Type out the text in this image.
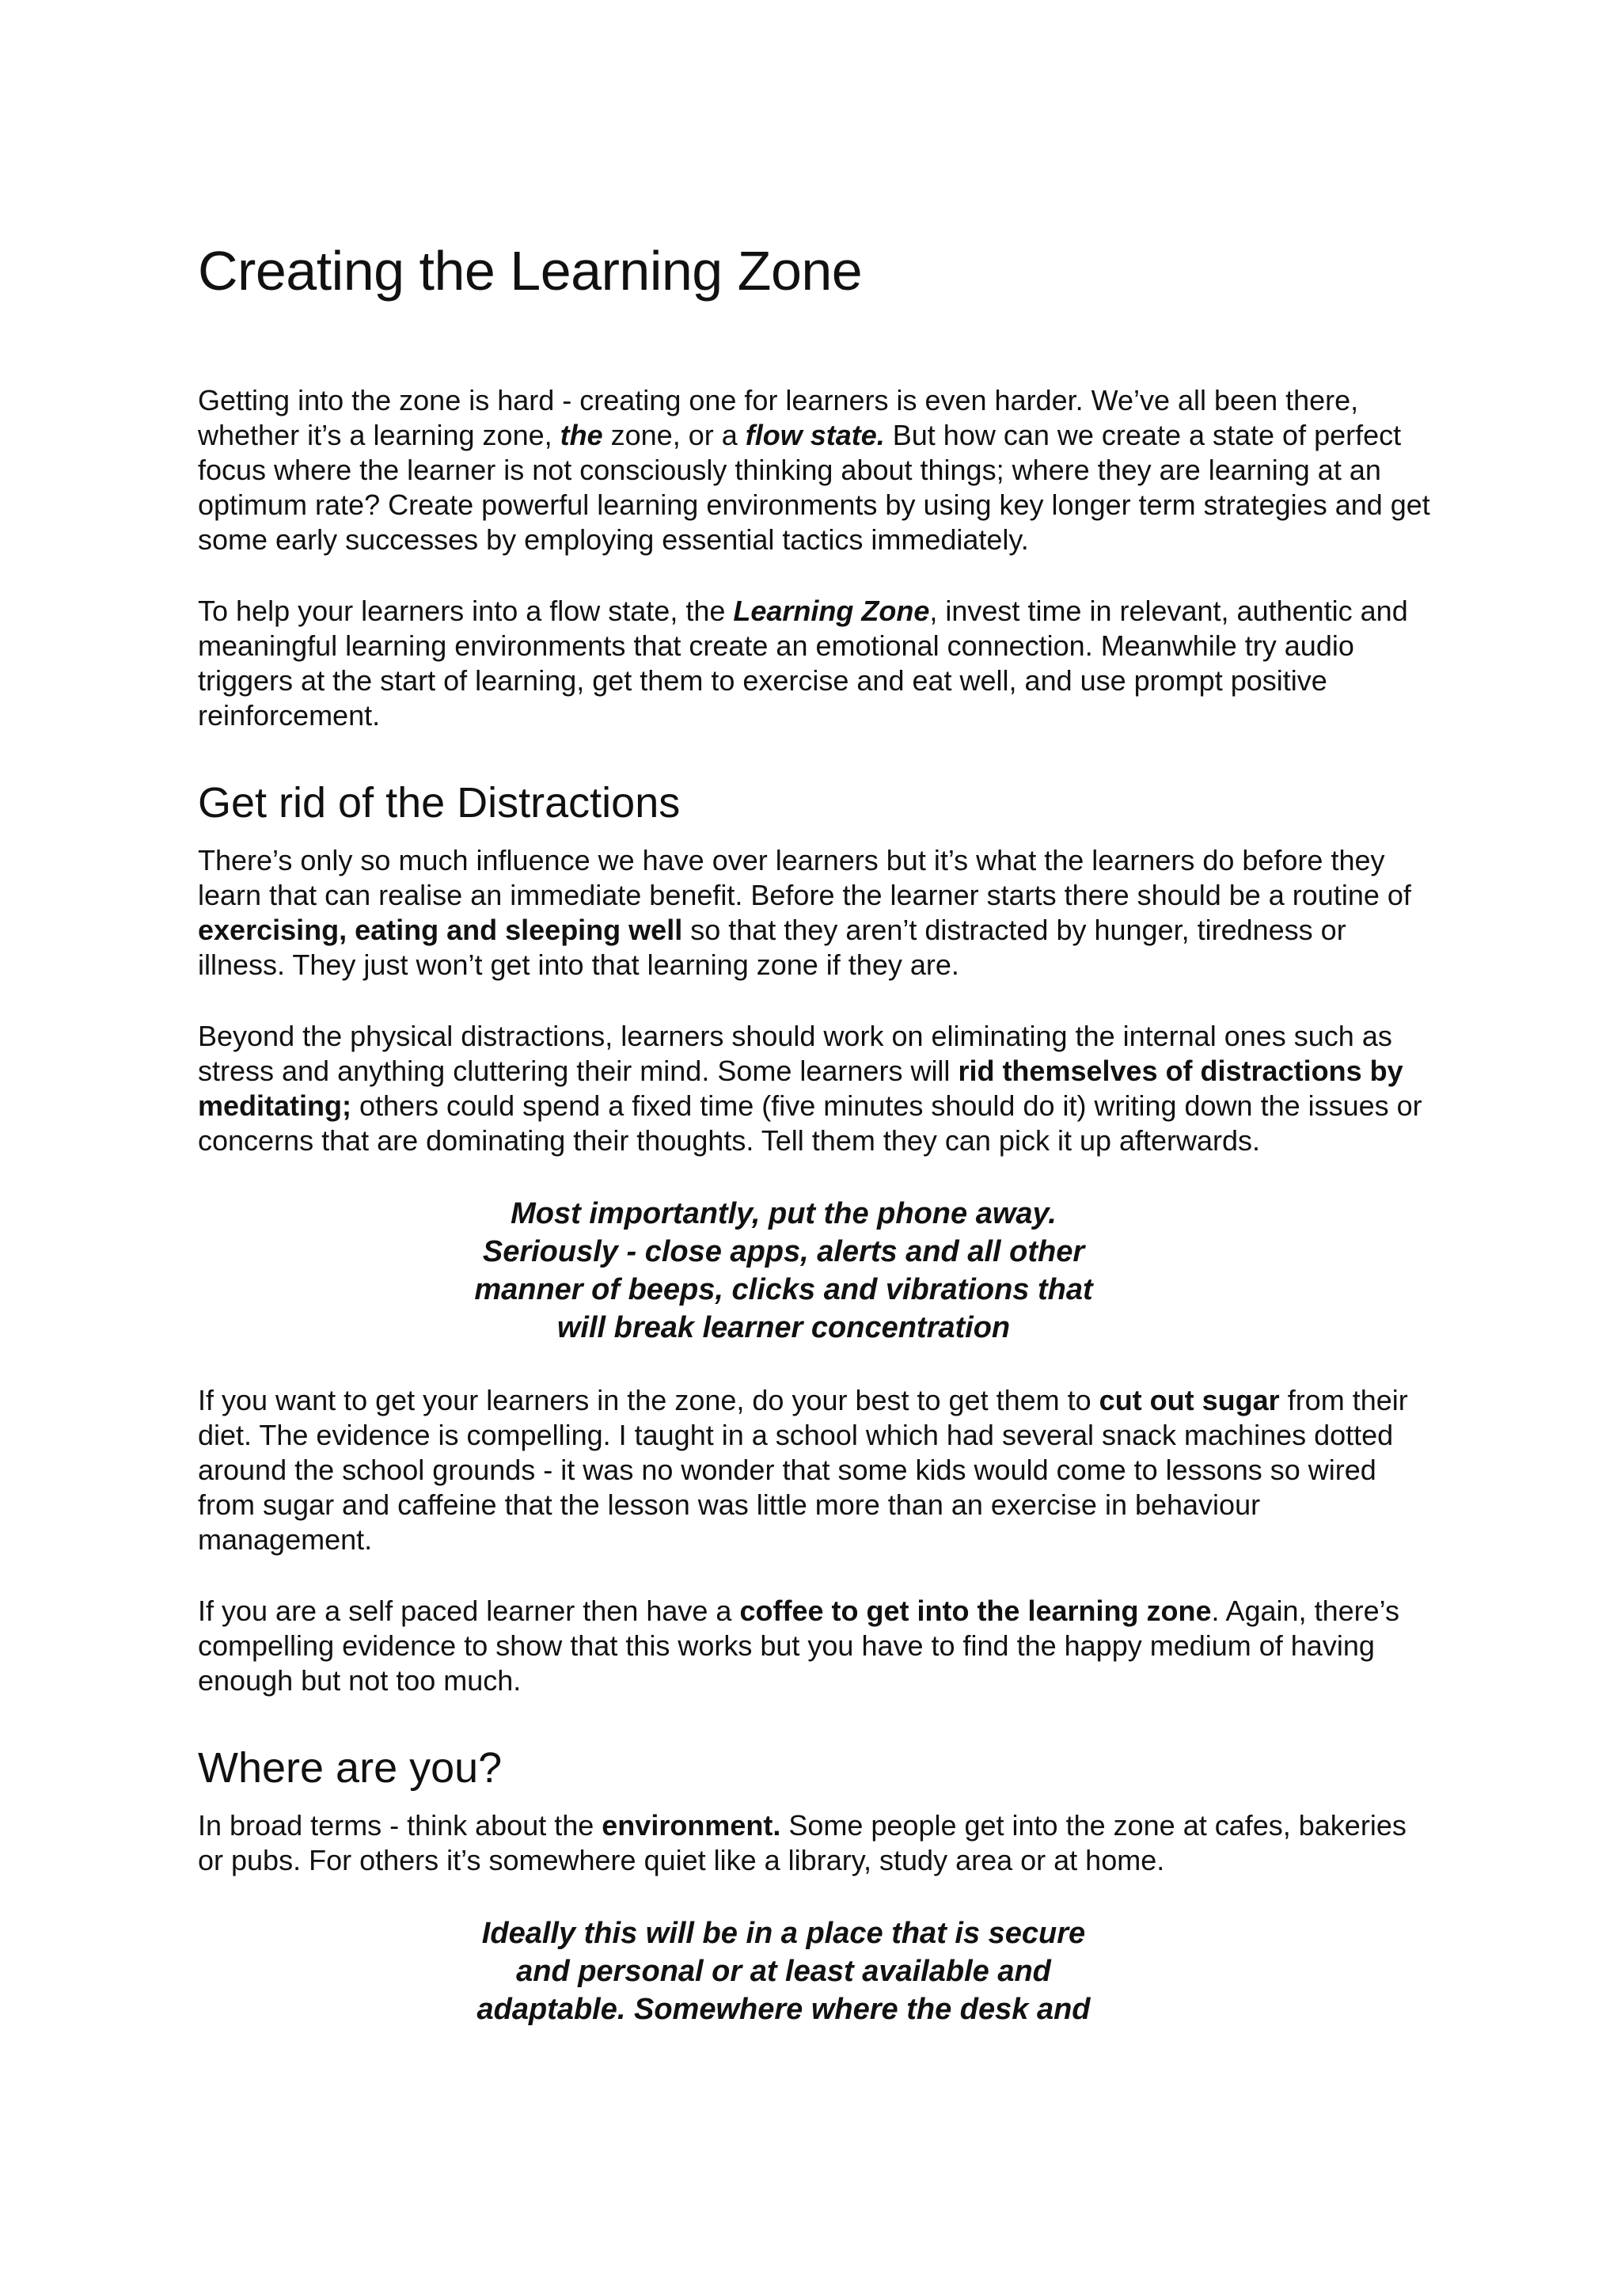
Creating the Learning Zone

Getting into the zone is hard - creating one for learners is even harder. We’ve all been there, whether it’s a learning zone, the zone, or a flow state. But how can we create a state of perfect focus where the learner is not consciously thinking about things; where they are learning at an optimum rate? Create powerful learning environments by using key longer term strategies and get some early successes by employing essential tactics immediately.

To help your learners into a flow state, the Learning Zone, invest time in relevant, authentic and meaningful learning environments that create an emotional connection. Meanwhile try audio triggers at the start of learning, get them to exercise and eat well, and use prompt positive reinforcement.

Get rid of the Distractions

There’s only so much influence we have over learners but it’s what the learners do before they learn that can realise an immediate benefit. Before the learner starts there should be a routine of exercising, eating and sleeping well so that they aren’t distracted by hunger, tiredness or illness. They just won’t get into that learning zone if they are.

Beyond the physical distractions, learners should work on eliminating the internal ones such as stress and anything cluttering their mind. Some learners will rid themselves of distractions by meditating; others could spend a fixed time (five minutes should do it) writing down the issues or concerns that are dominating their thoughts. Tell them they can pick it up afterwards.

Most importantly, put the phone away.
Seriously - close apps, alerts and all other
manner of beeps, clicks and vibrations that
will break learner concentration

If you want to get your learners in the zone, do your best to get them to cut out sugar from their diet. The evidence is compelling. I taught in a school which had several snack machines dotted around the school grounds - it was no wonder that some kids would come to lessons so wired from sugar and caffeine that the lesson was little more than an exercise in behaviour management.

If you are a self paced learner then have a coffee to get into the learning zone. Again, there’s compelling evidence to show that this works but you have to find the happy medium of having enough but not too much.

Where are you?

In broad terms - think about the environment. Some people get into the zone at cafes, bakeries or pubs. For others it’s somewhere quiet like a library, study area or at home.

Ideally this will be in a place that is secure
and personal or at least available and
adaptable. Somewhere where the desk and
